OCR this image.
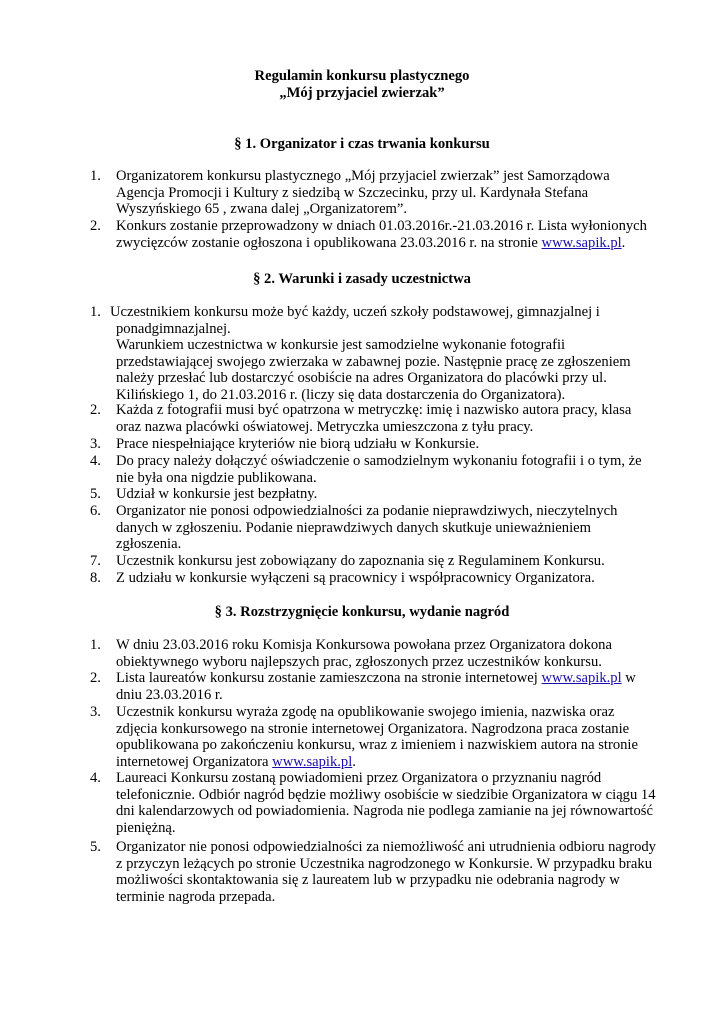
Regulamin konkursu plastycznego
„Mój przyjaciel zwierzak”
§ 1. Organizator i czas trwania konkursu
1. Organizatorem konkursu plastycznego „Mój przyjaciel zwierzak” jest Samorządowa
Agencja Promocji i Kultury z siedzibą w Szczecinku, przy ul. Kardynała Stefana
Wyszyńskiego 65 , zwana dalej „Organizatorem”.
2. Konkurs zostanie przeprowadzony w dniach 01.03.2016r.-21.03.2016 r. Lista wyłonionych
zwycięzców zostanie ogłoszona i opublikowana 23.03.2016 r. na stronie www.sapik.pl.
§ 2. Warunki i zasady uczestnictwa
1. Uczestnikiem konkursu może być każdy, uczeń szkoły podstawowej, gimnazjalnej i
ponadgimnazjalnej.
Warunkiem uczestnictwa w konkursie jest samodzielne wykonanie fotografii
przedstawiającej swojego zwierzaka w zabawnej pozie. Następnie pracę ze zgłoszeniem
należy przesłać lub dostarczyć osobiście na adres Organizatora do placówki przy ul.
Kilińskiego 1, do 21.03.2016 r. (liczy się data dostarczenia do Organizatora).
2. Każda z fotografii musi być opatrzona w metryczkę: imię i nazwisko autora pracy, klasa
oraz nazwa placówki oświatowej. Metryczka umieszczona z tyłu pracy.
3. Prace niespełniające kryteriów nie biorą udziału w Konkursie.
4. Do pracy należy dołączyć oświadczenie o samodzielnym wykonaniu fotografii i o tym, że
nie była ona nigdzie publikowana.
5. Udział w konkursie jest bezpłatny.
6. Organizator nie ponosi odpowiedzialności za podanie nieprawdziwych, nieczytelnych
danych w zgłoszeniu. Podanie nieprawdziwych danych skutkuje unieważnieniem
zgłoszenia.
7. Uczestnik konkursu jest zobowiązany do zapoznania się z Regulaminem Konkursu.
8. Z udziału w konkursie wyłączeni są pracownicy i współpracownicy Organizatora.
§ 3. Rozstrzygnięcie konkursu, wydanie nagród
1. W dniu 23.03.2016 roku Komisja Konkursowa powołana przez Organizatora dokona
obiektywnego wyboru najlepszych prac, zgłoszonych przez uczestników konkursu.
2. Lista laureatów konkursu zostanie zamieszczona na stronie internetowej www.sapik.pl w
dniu 23.03.2016 r.
3. Uczestnik konkursu wyraża zgodę na opublikowanie swojego imienia, nazwiska oraz
zdjęcia konkursowego na stronie internetowej Organizatora. Nagrodzona praca zostanie
opublikowana po zakończeniu konkursu, wraz z imieniem i nazwiskiem autora na stronie
internetowej Organizatora www.sapik.pl.
4. Laureaci Konkursu zostaną powiadomieni przez Organizatora o przyznaniu nagród
telefonicznie. Odbiór nagród będzie możliwy osobiście w siedzibie Organizatora w ciągu 14
dni kalendarzowych od powiadomienia. Nagroda nie podlega zamianie na jej równowartość
pieniężną.
5. Organizator nie ponosi odpowiedzialności za niemożliwość ani utrudnienia odbioru nagrody
z przyczyn leżących po stronie Uczestnika nagrodzonego w Konkursie. W przypadku braku
możliwości skontaktowania się z laureatem lub w przypadku nie odebrania nagrody w
terminie nagroda przepada.
